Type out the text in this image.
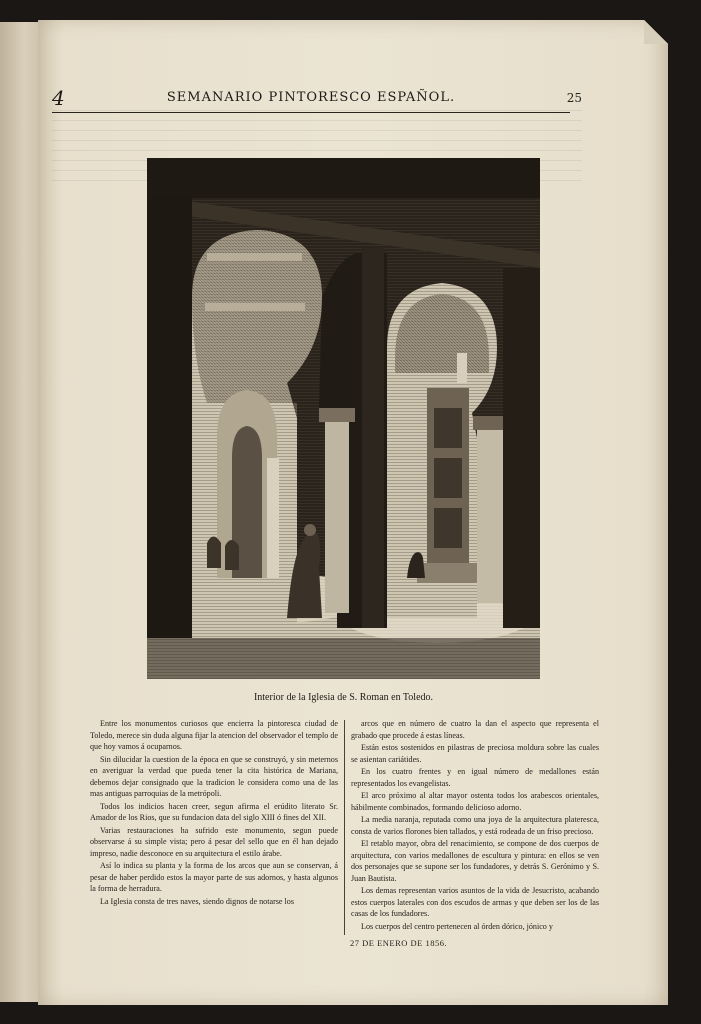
4	SEMANARIO PINTORESCO ESPAÑOL.	25
Interior de la Iglesia de S. Roman en Toledo.

Entre los monumentos curiosos que encierra la pintoresca ciudad de Toledo, merece sin duda alguna fijar la atencion del observador el templo de que hoy vamos á ocuparnos.

Sin dilucidar la cuestion de la época en que se construyó, y sin meternos en averiguar la verdad que pueda tener la cita histórica de Mariana, debemos dejar consignado que la tradicion le considera como una de las mas antiguas parroquias de la metrópoli.

Todos los indicios hacen creer, segun afirma el erúdito literato Sr. Amador de los Rios, que su fundacion data del siglo XIII ó fines del XII.

Varias restauraciones ha sufrido este monumento, segun puede observarse á su simple vista; pero á pesar del sello que en él han dejado impreso, nadie desconoce en su arquitectura el estilo árabe.

Así lo indica su planta y la forma de los arcos que aun se conservan, á pesar de haber perdido estos la mayor parte de sus adornos, y hasta algunos la forma de herradura.

La Iglesia consta de tres naves, siendo dignos de notarse los

arcos que en número de cuatro la dan el aspecto que representa el grabado que procede á estas líneas.

Están estos sostenidos en pilastras de preciosa moldura sobre las cuales se asientan cariátides.

En los cuatro frentes y en igual número de medallones están representados los evangelistas.

El arco próximo al altar mayor ostenta todos los arabescos orientales, hábilmente combinados, formando delicioso adorno.

La media naranja, reputada como una joya de la arquitectura plateresca, consta de varios florones bien tallados, y está rodeada de un friso precioso.

El retablo mayor, obra del renacimiento, se compone de dos cuerpos de arquitectura, con varios medallones de escultura y pintura: en ellos se ven dos personajes que se supone ser los fundadores, y detrás S. Gerónimo y S. Juan Bautista.

Los demas representan varios asuntos de la vida de Jesucristo, acabando estos cuerpos laterales con dos escudos de armas y que deben ser los de las casas de los fundadores.

Los cuerpos del centro pertenecen al órden dórico, jónico y

27 DE ENERO DE 1856.
